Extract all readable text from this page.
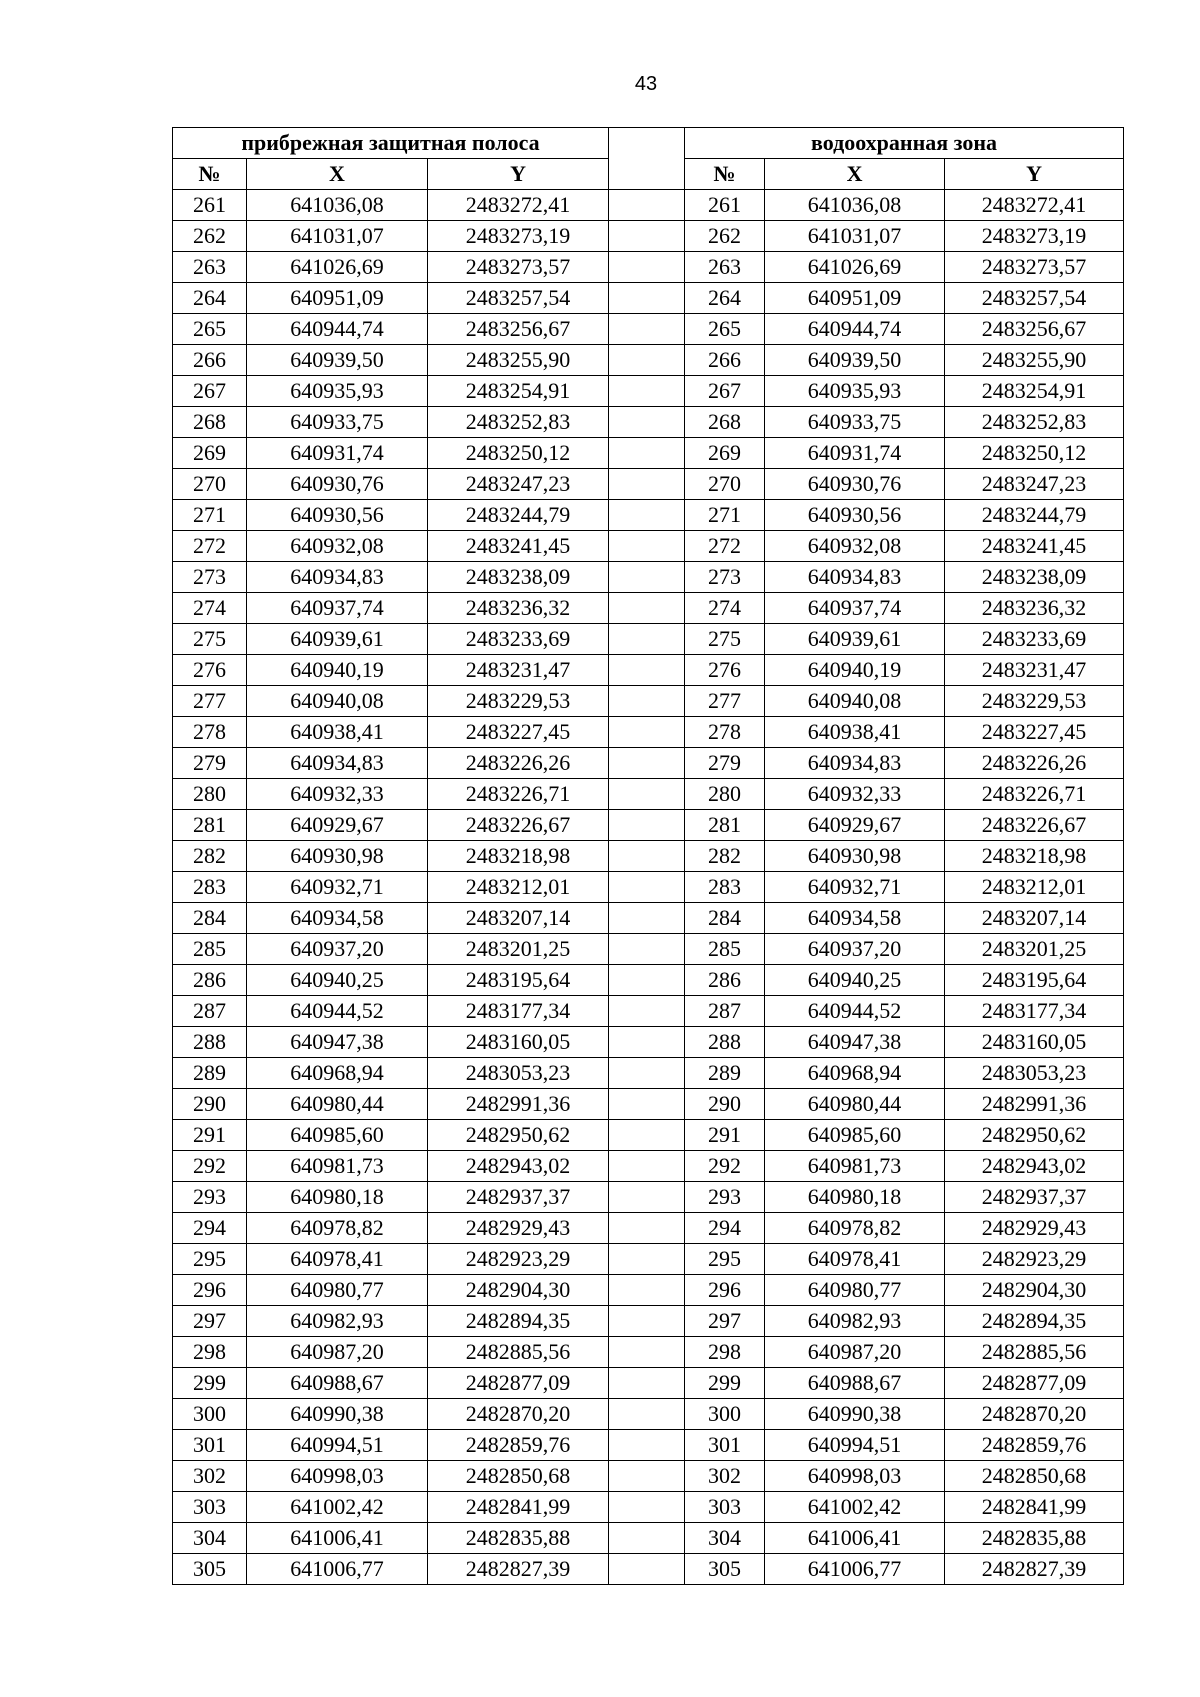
43
прибрежная защитная полоса				водоохранная зона		
№	X	Y		№	X	Y
261	641036,08	2483272,41		261	641036,08	2483272,41
262	641031,07	2483273,19		262	641031,07	2483273,19
263	641026,69	2483273,57		263	641026,69	2483273,57
264	640951,09	2483257,54		264	640951,09	2483257,54
265	640944,74	2483256,67		265	640944,74	2483256,67
266	640939,50	2483255,90		266	640939,50	2483255,90
267	640935,93	2483254,91		267	640935,93	2483254,91
268	640933,75	2483252,83		268	640933,75	2483252,83
269	640931,74	2483250,12		269	640931,74	2483250,12
270	640930,76	2483247,23		270	640930,76	2483247,23
271	640930,56	2483244,79		271	640930,56	2483244,79
272	640932,08	2483241,45		272	640932,08	2483241,45
273	640934,83	2483238,09		273	640934,83	2483238,09
274	640937,74	2483236,32		274	640937,74	2483236,32
275	640939,61	2483233,69		275	640939,61	2483233,69
276	640940,19	2483231,47		276	640940,19	2483231,47
277	640940,08	2483229,53		277	640940,08	2483229,53
278	640938,41	2483227,45		278	640938,41	2483227,45
279	640934,83	2483226,26		279	640934,83	2483226,26
280	640932,33	2483226,71		280	640932,33	2483226,71
281	640929,67	2483226,67		281	640929,67	2483226,67
282	640930,98	2483218,98		282	640930,98	2483218,98
283	640932,71	2483212,01		283	640932,71	2483212,01
284	640934,58	2483207,14		284	640934,58	2483207,14
285	640937,20	2483201,25		285	640937,20	2483201,25
286	640940,25	2483195,64		286	640940,25	2483195,64
287	640944,52	2483177,34		287	640944,52	2483177,34
288	640947,38	2483160,05		288	640947,38	2483160,05
289	640968,94	2483053,23		289	640968,94	2483053,23
290	640980,44	2482991,36		290	640980,44	2482991,36
291	640985,60	2482950,62		291	640985,60	2482950,62
292	640981,73	2482943,02		292	640981,73	2482943,02
293	640980,18	2482937,37		293	640980,18	2482937,37
294	640978,82	2482929,43		294	640978,82	2482929,43
295	640978,41	2482923,29		295	640978,41	2482923,29
296	640980,77	2482904,30		296	640980,77	2482904,30
297	640982,93	2482894,35		297	640982,93	2482894,35
298	640987,20	2482885,56		298	640987,20	2482885,56
299	640988,67	2482877,09		299	640988,67	2482877,09
300	640990,38	2482870,20		300	640990,38	2482870,20
301	640994,51	2482859,76		301	640994,51	2482859,76
302	640998,03	2482850,68		302	640998,03	2482850,68
303	641002,42	2482841,99		303	641002,42	2482841,99
304	641006,41	2482835,88		304	641006,41	2482835,88
305	641006,77	2482827,39		305	641006,77	2482827,39
